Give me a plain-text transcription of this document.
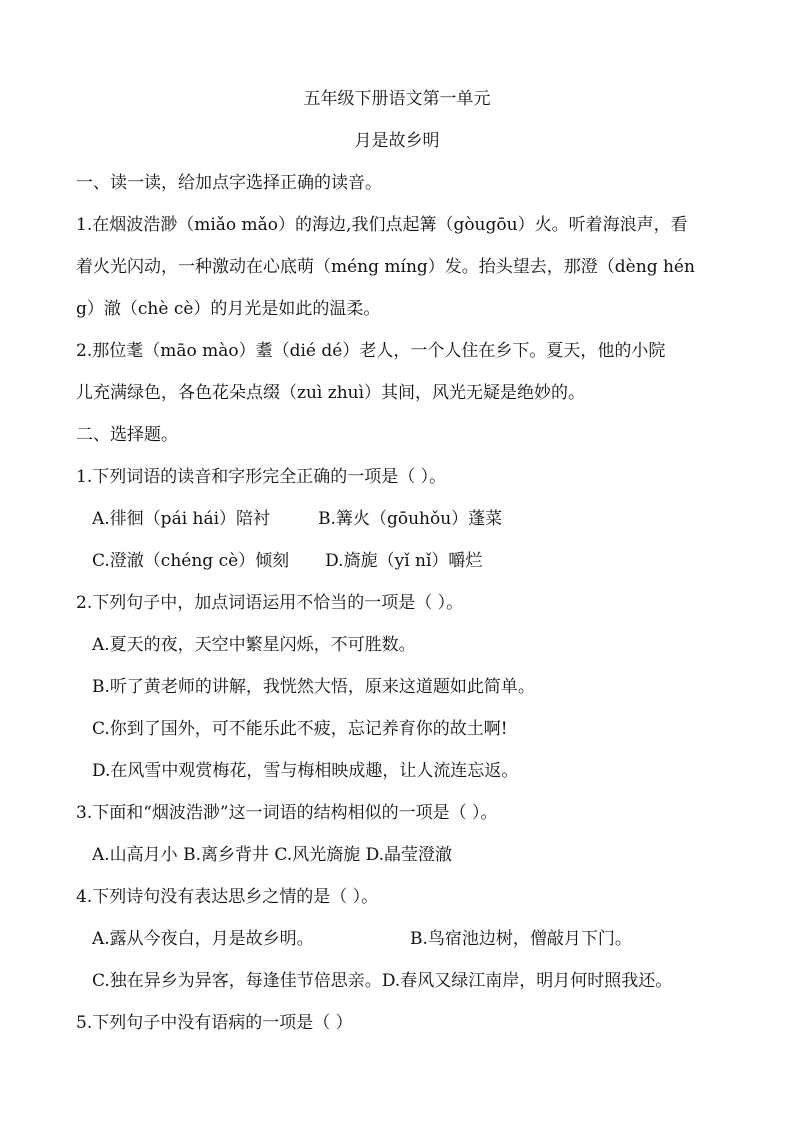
五年级下册语文第一单元
月是故乡明
一、读一读，给加点字选择正确的读音。
1.在烟波浩渺（miǎo mǎo）的海边,我们点起篝（gòugōu）火。听着海浪声，看
着火光闪动，一种激动在心底萌（méng míng）发。抬头望去，那澄（dèng hén
g）澈（chè cè）的月光是如此的温柔。
2.那位耄（māo mào）耋（dié dé）老人，一个人住在乡下。夏天，他的小院
儿充满绿色，各色花朵点缀（zuì zhuì）其间，风光无疑是绝妙的。
二、选择题。
1.下列词语的读音和字形完全正确的一项是（ ）。
A.徘徊（pái hái）陪衬	B.篝火（gōuhǒu）蓬菜
C.澄澈（chéng cè）倾刻 D.旖旎（yǐ nǐ）嚼烂
2.下列句子中，加点词语运用不恰当的一项是（ ）。
A.夏天的夜，天空中繁星闪烁，不可胜数。
B.听了黄老师的讲解，我恍然大悟，原来这道题如此简单。
C.你到了国外，可不能乐此不疲，忘记养育你的故土啊!
D.在风雪中观赏梅花，雪与梅相映成趣，让人流连忘返。
3.下面和“烟波浩渺”这一词语的结构相似的一项是（ ）。
A.山高月小 B.离乡背井 C.风光旖旎 D.晶莹澄澈
4.下列诗句没有表达思乡之情的是（ ）。
A.露从今夜白，月是故乡明。	B.鸟宿池边树，僧敲月下门。
C.独在异乡为异客，每逢佳节倍思亲。D.春风又绿江南岸，明月何时照我还。
5.下列句子中没有语病的一项是（ ）
